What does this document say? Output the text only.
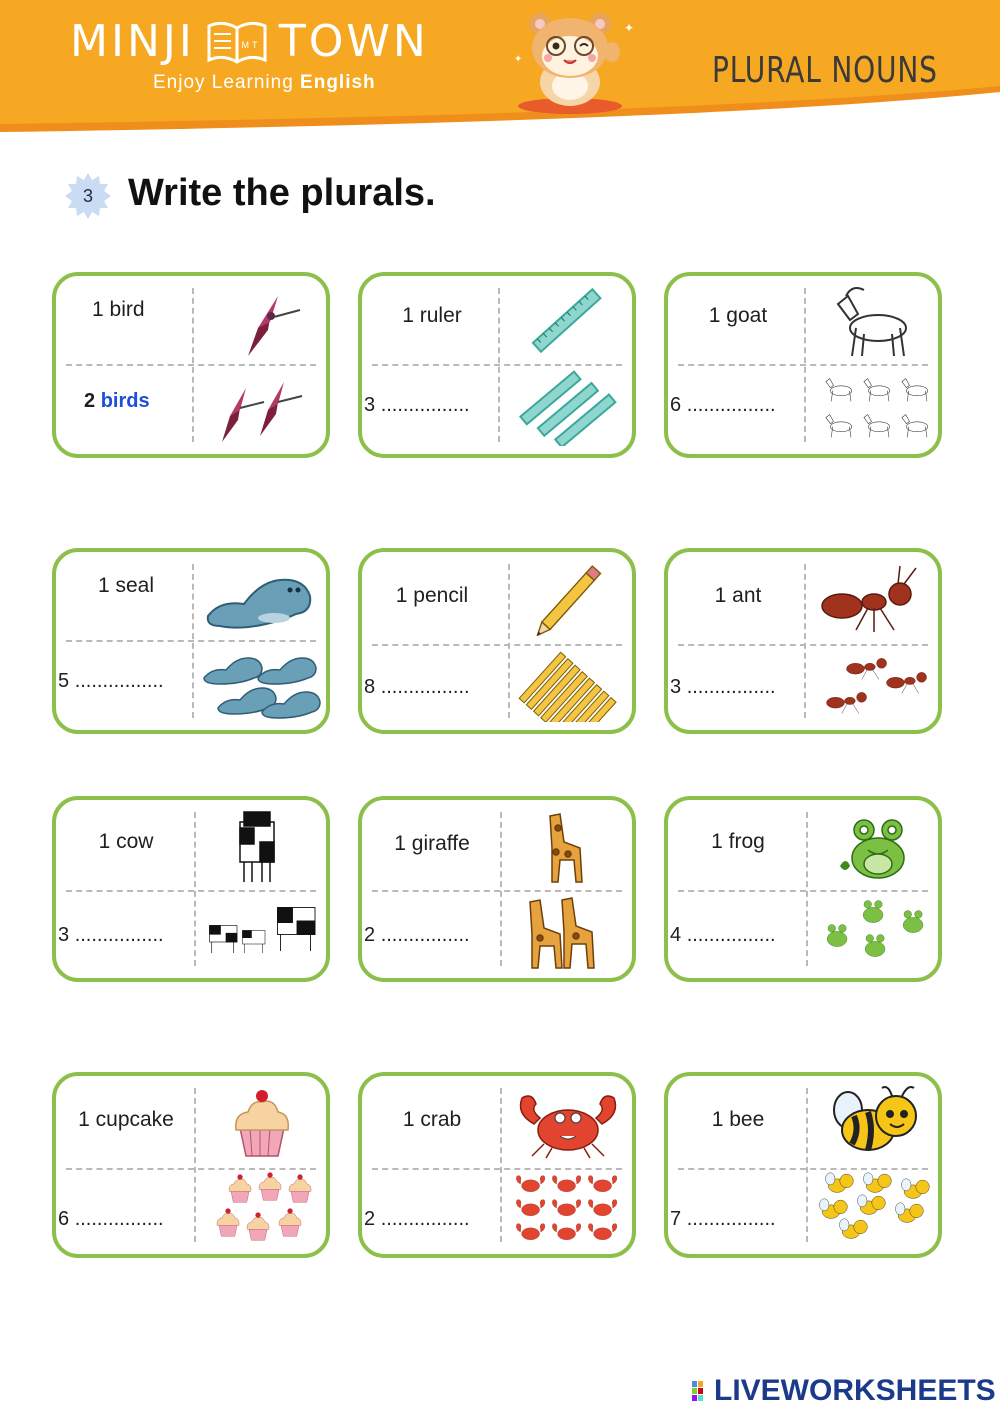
MINJI	MT TOWN
Enjoy Learning English
✦
✦	PLURAL NOUNS
3 Write the plurals.
1 bird
2 birds
1 ruler
3 ................
1 goat
6 ................
1 seal
5 ................
1 pencil
8 ................
1 ant
3 ................
1 cow
3 ................
1 giraffe
2 ................
1 frog
4 ................
1 cupcake
6 ................
1 crab
2 ................
1 bee
7 ................
LIVEWORKSHEETS
